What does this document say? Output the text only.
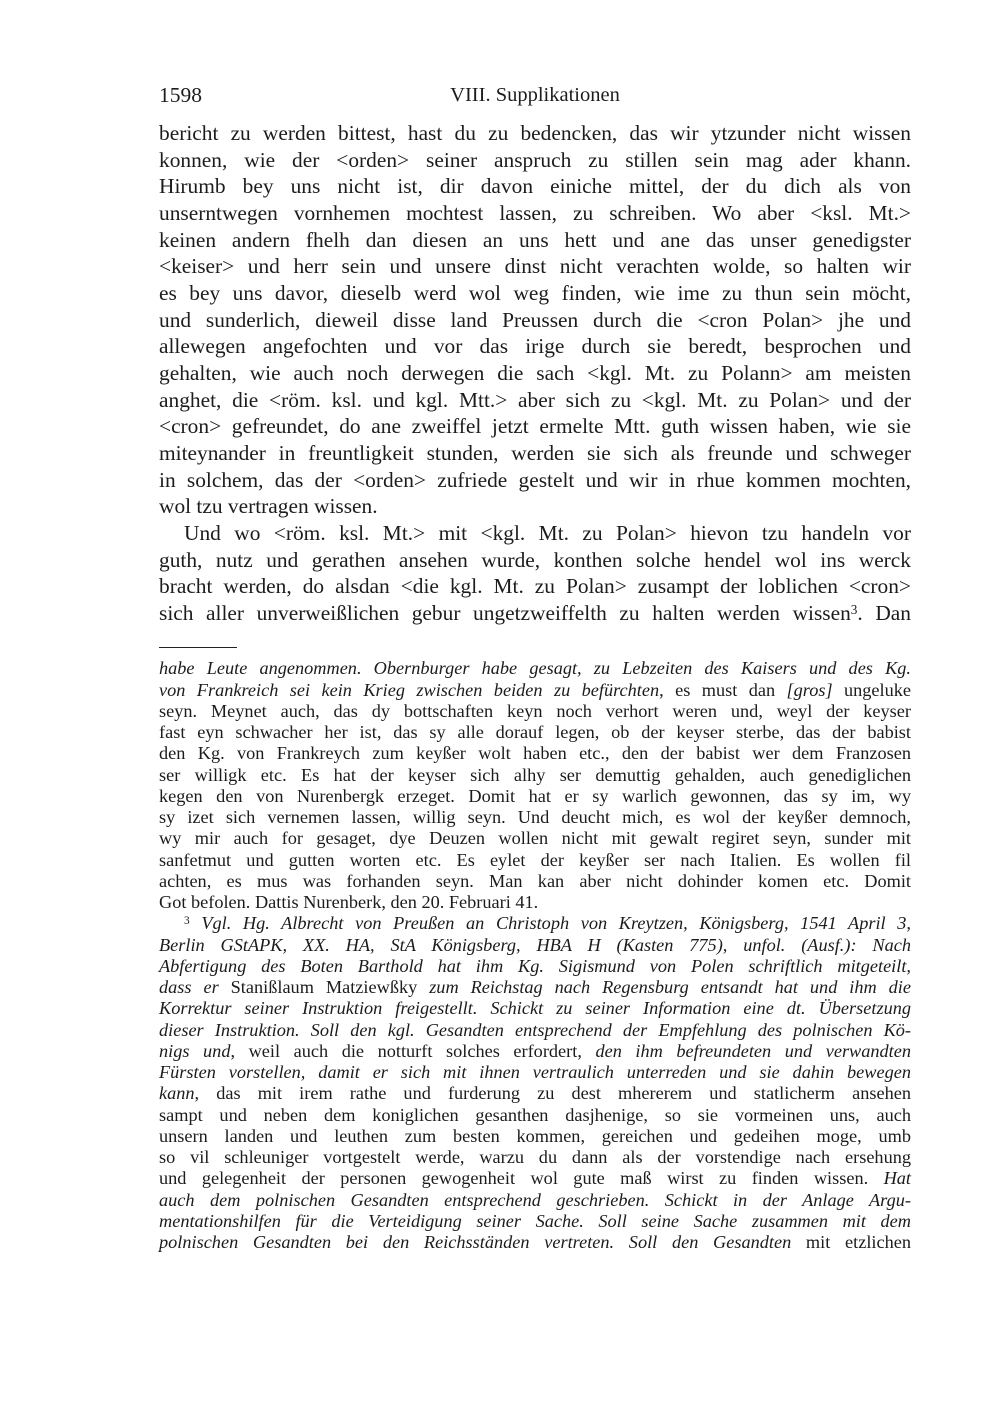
1598	VIII. Supplikationen
bericht zu werden bittest, hast du zu bedencken, das wir ytzunder nicht wissen
konnen, wie der <orden> seiner anspruch zu stillen sein mag ader khann.
Hirumb bey uns nicht ist, dir davon einiche mittel, der du dich als von
unserntwegen vornhemen mochtest lassen, zu schreiben. Wo aber <ksl. Mt.>
keinen andern fhelh dan diesen an uns hett und ane das unser genedigster
<keiser> und herr sein und unsere dinst nicht verachten wolde, so halten wir
es bey uns davor, dieselb werd wol weg finden, wie ime zu thun sein möcht,
und sunderlich, dieweil disse land Preussen durch die <cron Polan> jhe und
allewegen angefochten und vor das irige durch sie beredt, besprochen und
gehalten, wie auch noch derwegen die sach <kgl. Mt. zu Polann> am meisten
anghet, die <röm. ksl. und kgl. Mtt.> aber sich zu <kgl. Mt. zu Polan> und der
<cron> gefreundet, do ane zweiffel jetzt ermelte Mtt. guth wissen haben, wie sie
miteynander in freuntligkeit stunden, werden sie sich als freunde und schweger
in solchem, das der <orden> zufriede gestelt und wir in rhue kommen mochten,
wol tzu vertragen wissen.
Und wo <röm. ksl. Mt.> mit <kgl. Mt. zu Polan> hievon tzu handeln vor
guth, nutz und gerathen ansehen wurde, konthen solche hendel wol ins werck
bracht werden, do alsdan <die kgl. Mt. zu Polan> zusampt der loblichen <cron>
sich aller unverweißlichen gebur ungetzweiffelth zu halten werden wissen$^3$. Dan
habe Leute angenommen. Obernburger habe gesagt, zu Lebzeiten des Kaisers und des Kg.
von Frankreich sei kein Krieg zwischen beiden zu befürchten, es must dan [gros] ungeluke
seyn. Meynet auch, das dy bottschaften keyn noch verhort weren und, weyl der keyser
fast eyn schwacher her ist, das sy alle dorauf legen, ob der keyser sterbe, das der babist
den Kg. von Frankreych zum keyßer wolt haben etc., den der babist wer dem Franzosen
ser willigk etc. Es hat der keyser sich alhy ser demuttig gehalden, auch genediglichen
kegen den von Nurenbergk erzeget. Domit hat er sy warlich gewonnen, das sy im, wy
sy izet sich vernemen lassen, willig seyn. Und deucht mich, es wol der keyßer demnoch,
wy mir auch for gesaget, dye Deuzen wollen nicht mit gewalt regiret seyn, sunder mit
sanfetmut und gutten worten etc. Es eylet der keyßer ser nach Italien. Es wollen fil
achten, es mus was forhanden seyn. Man kan aber nicht dohinder komen etc. Domit
Got befolen. Dattis Nurenberk, den 20. Februari 41.
$^3$ Vgl. Hg. Albrecht von Preußen an Christoph von Kreytzen, Königsberg, 1541 April 3,
Berlin GStAPK, XX. HA, StA Königsberg, HBA H (Kasten 775), unfol. (Ausf.): Nach
Abfertigung des Boten Barthold hat ihm Kg. Sigismund von Polen schriftlich mitgeteilt,
dass er Stanißlaum Matziewßky zum Reichstag nach Regensburg entsandt hat und ihm die
Korrektur seiner Instruktion freigestellt. Schickt zu seiner Information eine dt. Übersetzung
dieser Instruktion. Soll den kgl. Gesandten entsprechend der Empfehlung des polnischen Kö-
nigs und, weil auch die notturft solches erfordert, den ihm befreundeten und verwandten
Fürsten vorstellen, damit er sich mit ihnen vertraulich unterreden und sie dahin bewegen
kann, das mit irem rathe und furderung zu dest mhererem und statlicherm ansehen
sampt und neben dem koniglichen gesanthen dasjhenige, so sie vormeinen uns, auch
unsern landen und leuthen zum besten kommen, gereichen und gedeihen moge, umb
so vil schleuniger vortgestelt werde, warzu du dann als der vorstendige nach ersehung
und gelegenheit der personen gewogenheit wol gute maß wirst zu finden wissen. Hat
auch dem polnischen Gesandten entsprechend geschrieben. Schickt in der Anlage Argu-
mentationshilfen für die Verteidigung seiner Sache. Soll seine Sache zusammen mit dem
polnischen Gesandten bei den Reichsständen vertreten. Soll den Gesandten mit etzlichen
